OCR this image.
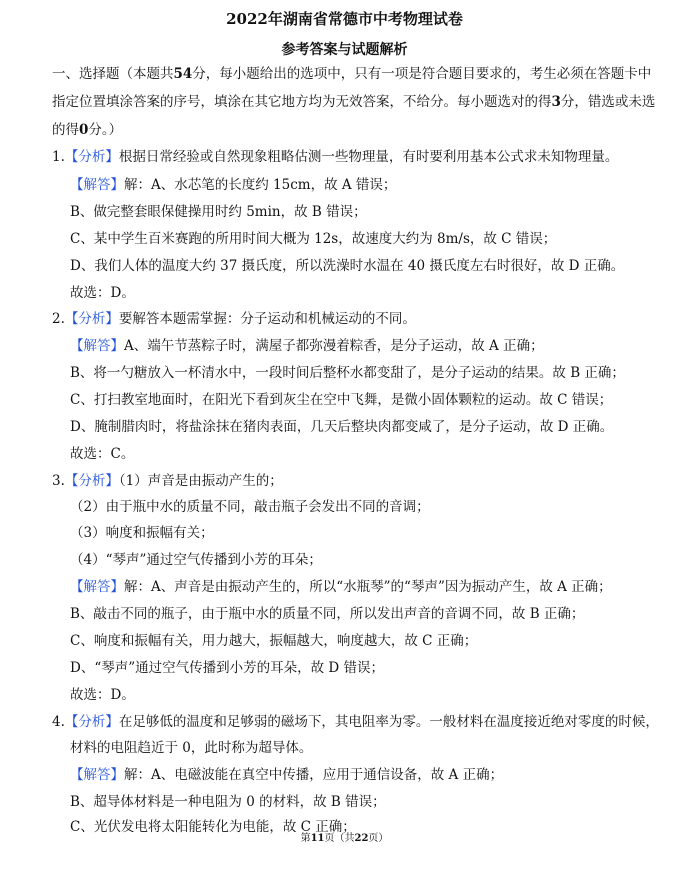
2022年湖南省常德市中考物理试卷
参考答案与试题解析
一、选择题（本题共54分，每小题给出的选项中，只有一项是符合题目要求的，考生必须在答题卡中
指定位置填涂答案的序号，填涂在其它地方均为无效答案，不给分。每小题选对的得3分，错选或未选
的得0分。）
1.【分析】根据日常经验或自然现象粗略估测一些物理量，有时要利用基本公式求未知物理量。
【解答】解：A、水芯笔的长度约 15cm，故 A 错误；
B、做完整套眼保健操用时约 5min，故 B 错误；
C、某中学生百米赛跑的所用时间大概为 12s，故速度大约为 8m/s，故 C 错误；
D、我们人体的温度大约 37 摄氏度，所以洗澡时水温在 40 摄氏度左右时很好，故 D 正确。
故选：D。
2.【分析】要解答本题需掌握：分子运动和机械运动的不同。
【解答】A、端午节蒸粽子时，满屋子都弥漫着粽香，是分子运动，故 A 正确；
B、将一勺糖放入一杯清水中，一段时间后整杯水都变甜了，是分子运动的结果。故 B 正确；
C、打扫教室地面时，在阳光下看到灰尘在空中飞舞，是微小固体颗粒的运动。故 C 错误；
D、腌制腊肉时，将盐涂抹在猪肉表面，几天后整块肉都变咸了，是分子运动，故 D 正确。
故选：C。
3.【分析】（1）声音是由振动产生的；
（2）由于瓶中水的质量不同，敲击瓶子会发出不同的音调；
（3）响度和振幅有关；
（4）“琴声”通过空气传播到小芳的耳朵；
【解答】解：A、声音是由振动产生的，所以“水瓶琴”的“琴声”因为振动产生，故 A 正确；
B、敲击不同的瓶子，由于瓶中水的质量不同，所以发出声音的音调不同，故 B 正确；
C、响度和振幅有关，用力越大，振幅越大，响度越大，故 C 正确；
D、“琴声”通过空气传播到小芳的耳朵，故 D 错误；
故选：D。
4.【分析】在足够低的温度和足够弱的磁场下，其电阻率为零。一般材料在温度接近绝对零度的时候，
材料的电阻趋近于 0，此时称为超导体。
【解答】解：A、电磁波能在真空中传播，应用于通信设备，故 A 正确；
B、超导体材料是一种电阻为 0 的材料，故 B 错误；
C、光伏发电将太阳能转化为电能，故 C 正确；
第11页（共22页）
